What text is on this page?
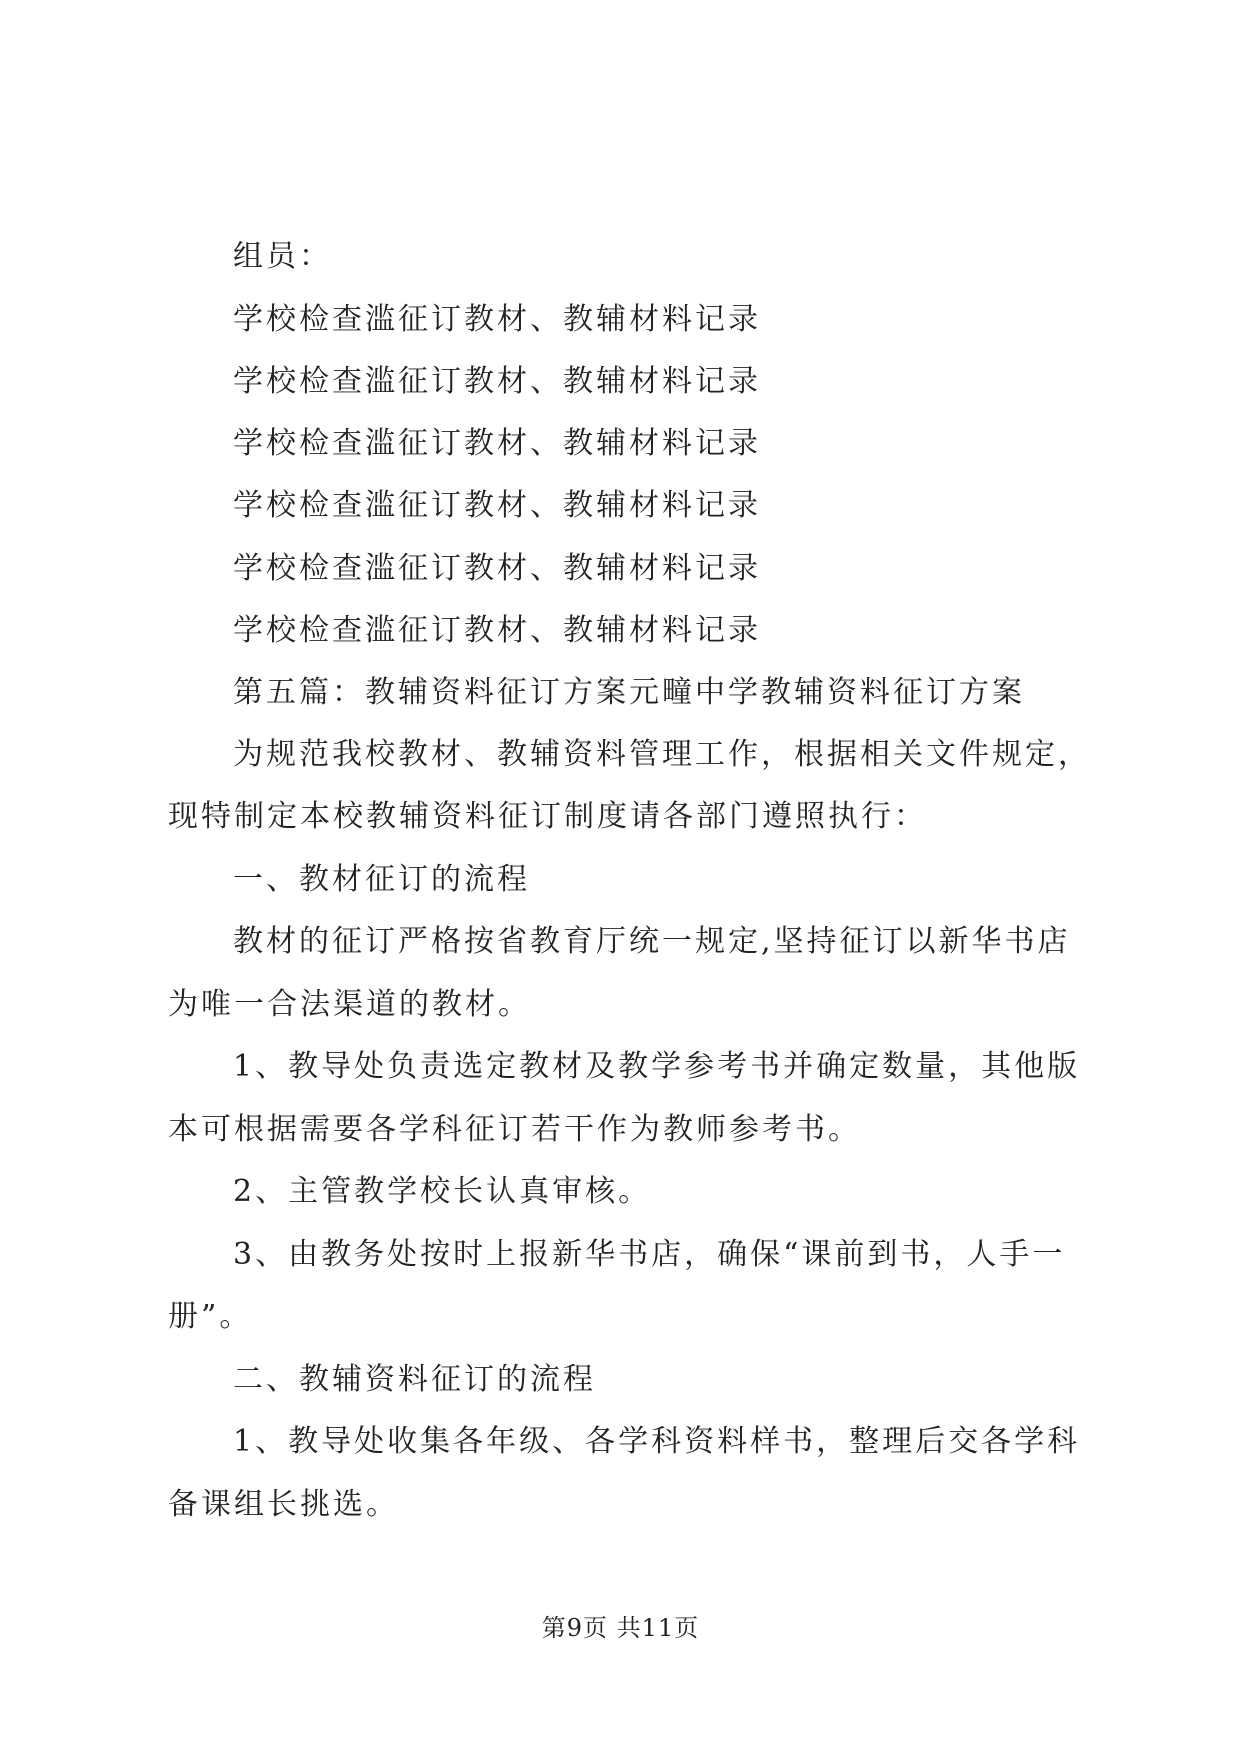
组员：
学校检查滥征订教材、教辅材料记录
学校检查滥征订教材、教辅材料记录
学校检查滥征订教材、教辅材料记录
学校检查滥征订教材、教辅材料记录
学校检查滥征订教材、教辅材料记录
学校检查滥征订教材、教辅材料记录
第五篇：教辅资料征订方案元疃中学教辅资料征订方案
为规范我校教材、教辅资料管理工作，根据相关文件规定，
现特制定本校教辅资料征订制度请各部门遵照执行：
一、教材征订的流程
教材的征订严格按省教育厅统一规定,坚持征订以新华书店
为唯一合法渠道的教材。
1、教导处负责选定教材及教学参考书并确定数量，其他版
本可根据需要各学科征订若干作为教师参考书。
2、主管教学校长认真审核。
3、由教务处按时上报新华书店，确保“课前到书，人手一
册”。
二、教辅资料征订的流程
1、教导处收集各年级、各学科资料样书，整理后交各学科
备课组长挑选。
第9页 共11页
